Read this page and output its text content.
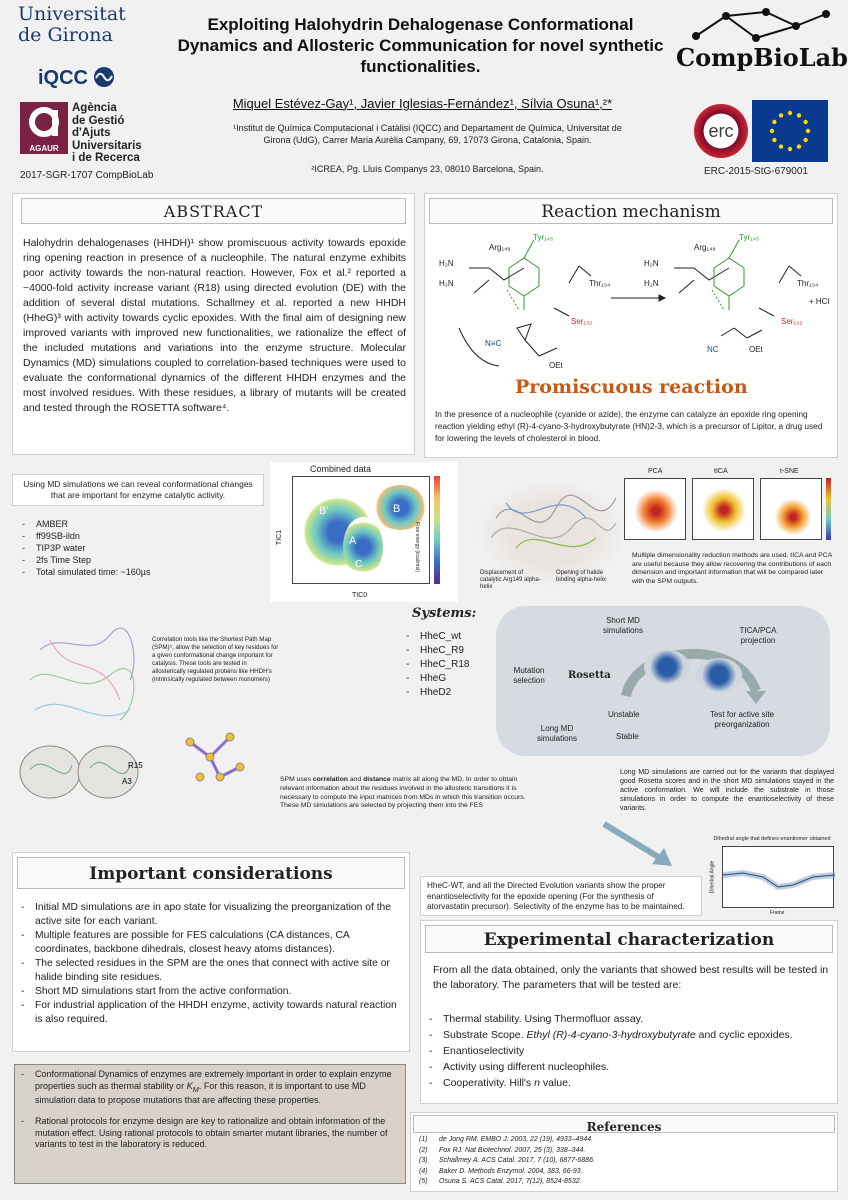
Universitat
de Girona
iQCC
AGAUR
Agència
de Gestió
d'Ajuts
Universitaris
i de Recerca
2017-SGR-1707 CompBioLab
Exploiting Halohydrin Dehalogenase Conformational Dynamics and Allosteric Communication for novel synthetic functionalities.
Miquel Estévez-Gay¹, Javier Iglesias-Fernández¹, Sílvia Osuna¹,²*
¹Institut de Química Computacional i Catàlisi (IQCC) and Departament de Química, Universitat de Girona (UdG), Carrer Maria Aurèlia Campany, 69, 17073 Girona, Catalonia, Spain.
²ICREA, Pg. Lluís Companys 23, 08010 Barcelona, Spain.
CompBioLab
erc
ERC-2015-StG-679001
ABSTRACT
Halohydrin dehalogenases (HHDH)¹ show promiscuous activity towards epoxide ring opening reaction in presence of a nucleophile. The natural enzyme exhibits poor activity towards the non-natural reaction. However, Fox et al.² reported a ~4000-fold activity increase variant (R18) using directed evolution (DE) with the addition of several distal mutations. Schallmey et al. reported a new HHDH (HheG)³ with activity towards cyclic epoxides. With the final aim of designing new improved variants with improved new functionalities, we rationalize the effect of the included mutations and variations into the enzyme structure. Molecular Dynamics (MD) simulations coupled to correlation-based techniques were used to evaluate the conformational dynamics of the different HHDH enzymes and the most involved residues. With these residues, a library of mutants will be created and tested through the ROSETTA software⁴.
Reaction mechanism
Arg₁₄₉
Tyr₁₄₅
H₂N
H₂N	Thr₁₃₄
Ser₁₃₂
N≡C
OEt
Arg₁₄₉
Tyr₁₄₅
H₂N
H₂N	Thr₁₃₄
Ser₁₃₂
+ HCl
NC	OEt
Promiscuous reaction
In the presence of a nucleophile (cyanide or azide), the enzyme can catalyze an epoxide ring opening reaction yielding ethyl (R)-4-cyano-3-hydroxybutyrate (HN)2-3, which is a precursor of Lipitor, a drug used for lowering the levels of cholesterol in blood.
Using MD simulations we can reveal conformational changes that are important for enzyme catalytic activity.
- AMBER
- ff99SB-ildn
- TIP3P water
- 2fs Time Step
- Total simulated time: ~160µs
Combined data
B
B'
A
C	Free energy (kcal/mol)
TIC0
TIC1
Displacement of catalytic Arg149 alpha-helix
Opening of halide binding alpha-helix
PCA	tICA	t-SNE
Multiple dimensionality reduction methods are used. tICA and PCA are useful because they allow recovering the contributions of each dimension and important information that will be compared later with the SPM outputs.
R15
A3
Correlation tools like the Shortest Path Map (SPM)⁵, allow the selection of key residues for a given conformational change important for catalysis. These tools are tested in allosterically regulated proteins like HHDH's (intrinsically regulated between monomers)
Systems:
- HheC_wt
- HheC_R9
- HheC_R18
- HheG
- HheD2
Short MD simulations	TICA/PCA projection
Mutation selection	Rosetta
Unstable	Test for active site preorganization
Long MD simulations	Stable
SPM uses correlation and distance matrix all along the MD. In order to obtain relevant information about the residues involved in the allosteric transitions it is necessary to compute the input matrices from MDs in which this transition occurs. These MD simulations are selected by projecting them into the FES
Long MD simulations are carried out for the variants that displayed good Rosetta scores and in the short MD simulations stayed in the active conformation. We will include the substrate in those simulations in order to compute the enantioselectivity of these variants.
Dihedral angle that defines enantiomer obtained
Frame
Dihedral Angle
HheC-WT, and all the Directed Evolution variants show the proper enantioselectivity for the epoxide opening (For the synthesis of atorvastatin precursor). Selectivity of the enzyme has to be maintained.
Important considerations
- Initial MD simulations are in apo state for visualizing the preorganization of the active site for each variant.
- Multiple features are possible for FES calculations (CA distances, CA coordinates, backbone dihedrals, closest heavy atoms distances).
- The selected residues in the SPM are the ones that connect with active site or halide binding site residues.
- Short MD simulations start from the active conformation.
- For industrial application of the HHDH enzyme, activity towards natural reaction is also required.
- Conformational Dynamics of enzymes are extremely important in order to explain enzyme properties such as thermal stability or $K_M$. For this reason, it is important to use MD simulation data to propose mutations that are affecting these properties.
- Rational protocols for enzyme design are key to rationalize and obtain information of the mutation effect. Using rational protocols to obtain smarter mutant libraries, the number of variants to test in the laboratory is reduced.
Experimental characterization
From all the data obtained, only the variants that showed best results will be tested in the laboratory. The parameters that will be tested are:
- Thermal stability. Using Thermofluor assay.
- Substrate Scope. Ethyl (R)-4-cyano-3-hydroxybutyrate and cyclic epoxides.
- Enantioselectivity
- Activity using different nucleophiles.
- Cooperativity. Hill's n value.
References
(1) de Jong RM. EMBO J. 2003, 22 (19), 4933–4944.
(2) Fox RJ. Nat Biotechnol. 2007, 25 (3), 338–344.
(3) Schallmey A. ACS Catal. 2017, 7 (10), 6877-6886.
(4) Baker D. Methods Enzymol. 2004, 383, 66-93.
(5) Osuna S. ACS Catal. 2017, 7(12), 8524-8532.
